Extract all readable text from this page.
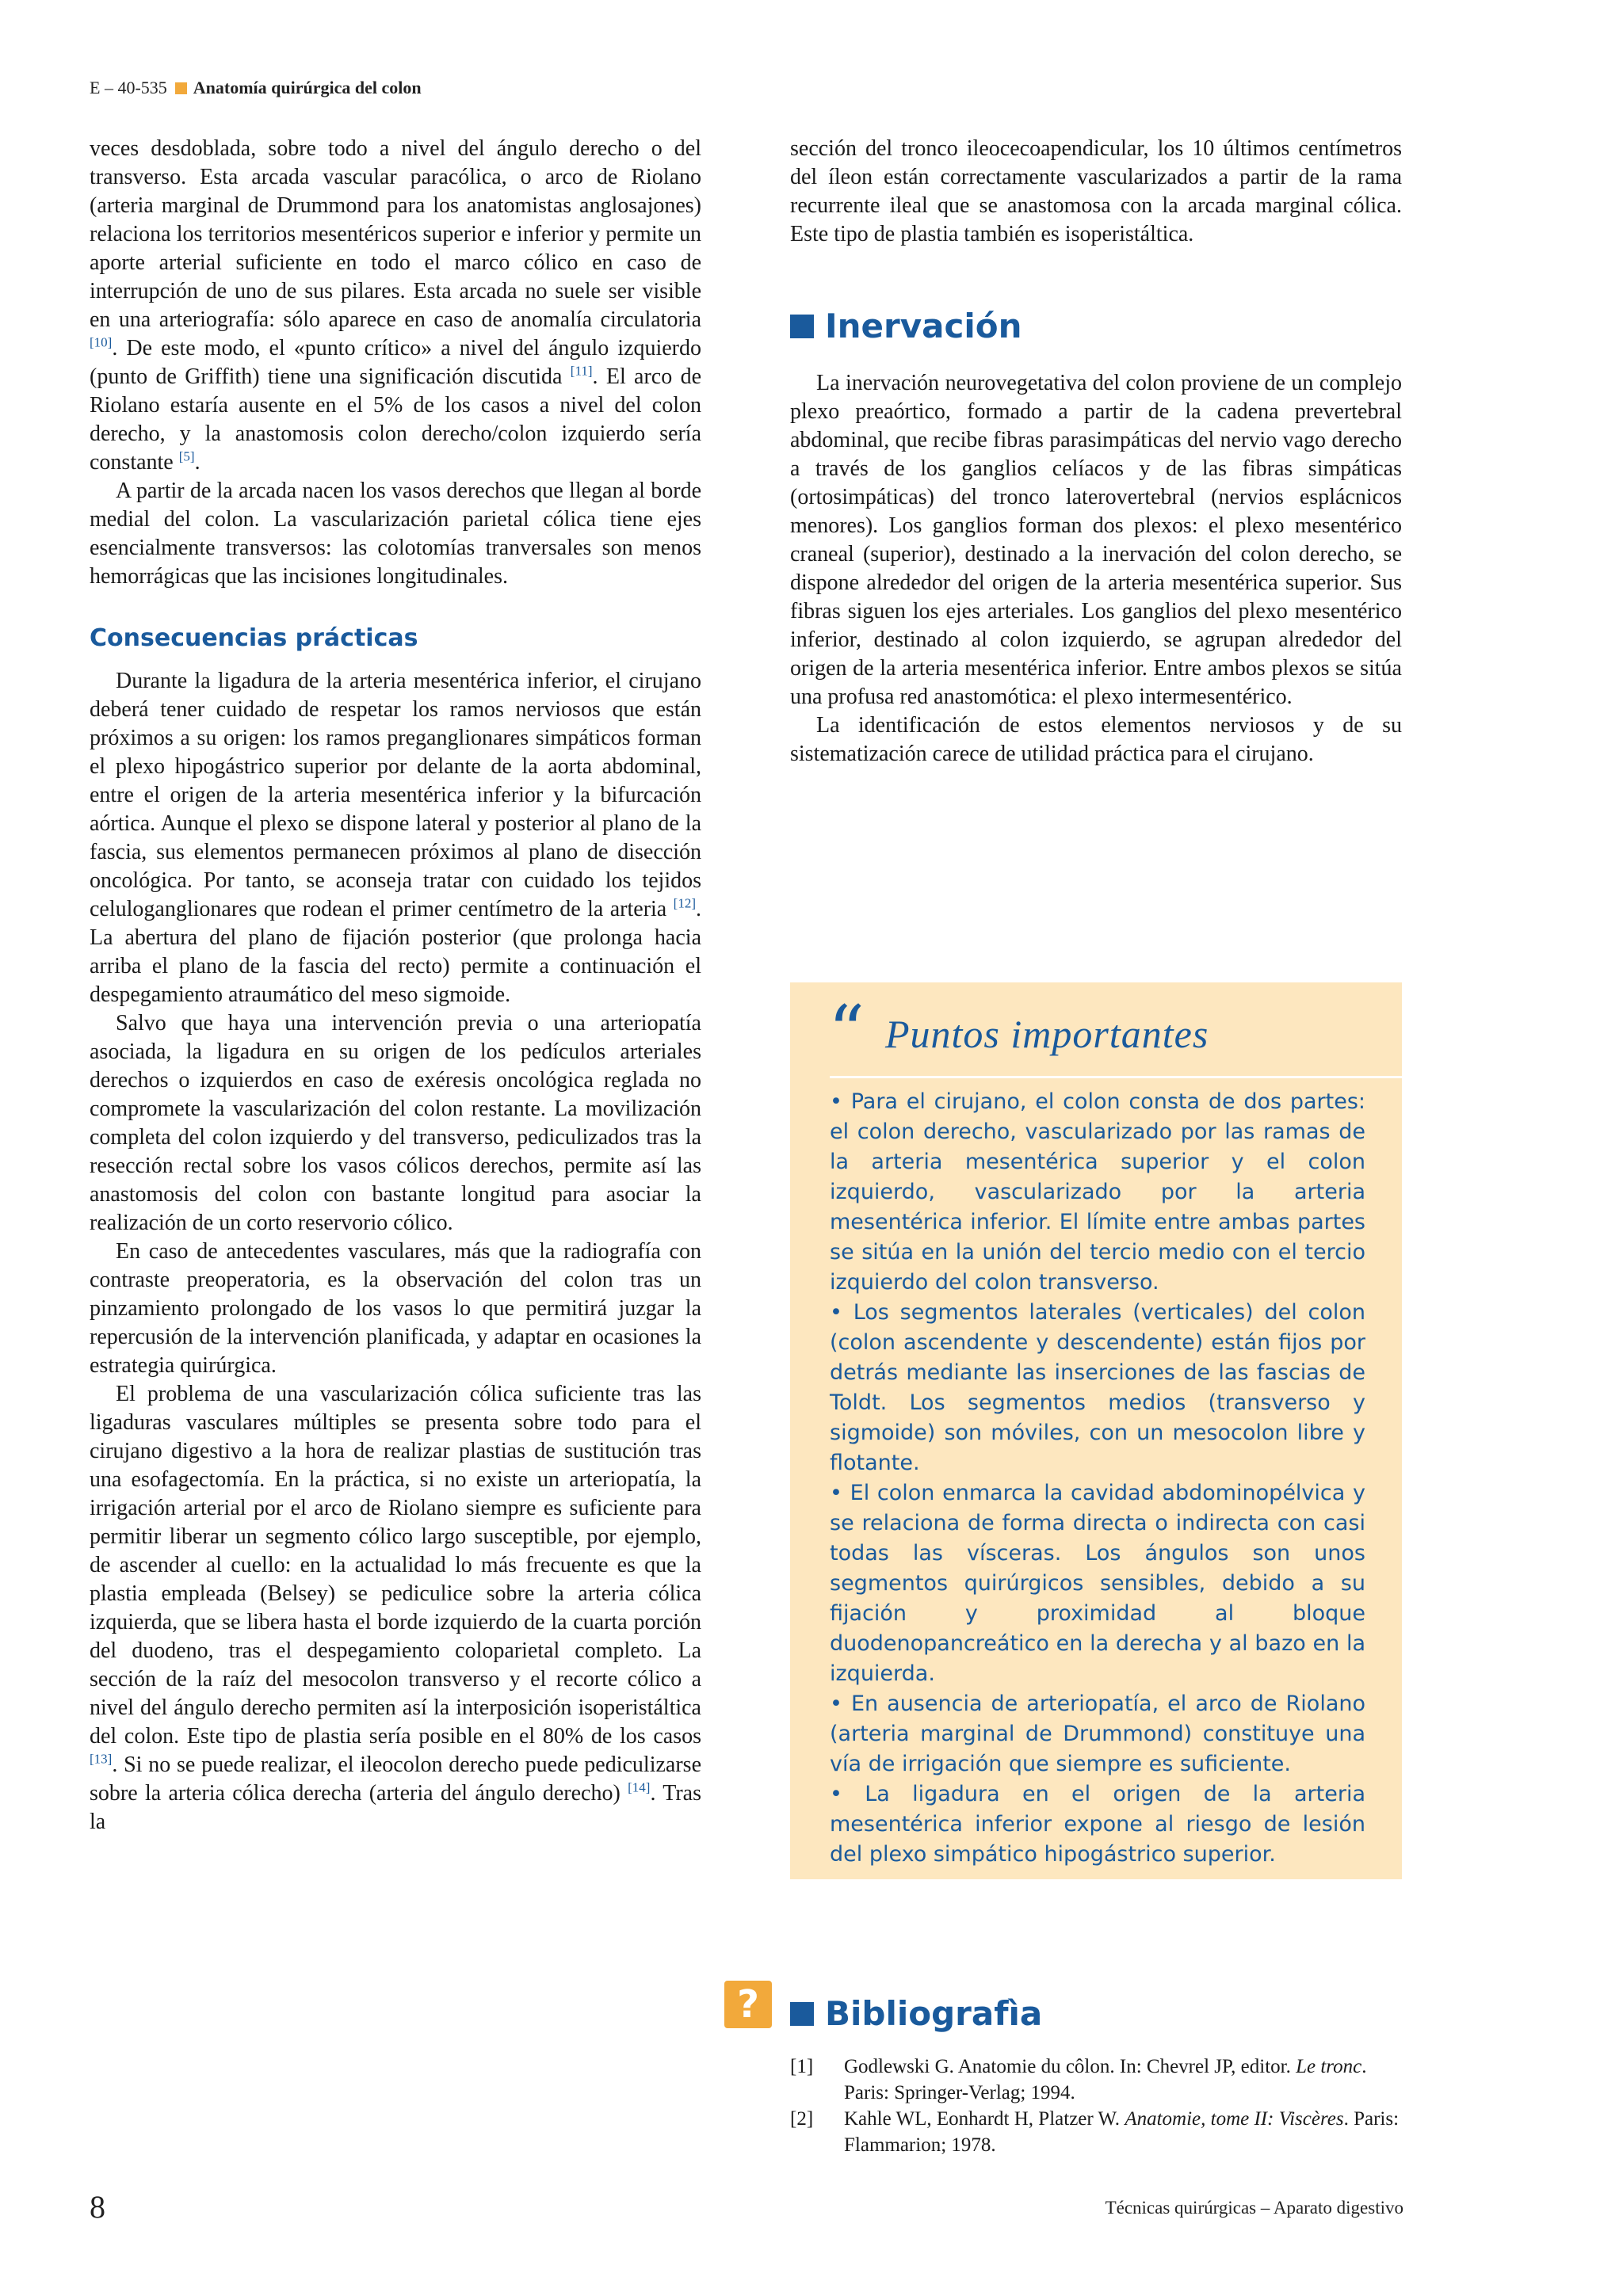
E – 40-535 Anatomía quirúrgica del colon

veces desdoblada, sobre todo a nivel del ángulo derecho o del transverso. Esta arcada vascular paracólica, o arco de Riolano (arteria marginal de Drummond para los anatomistas anglosajones) relaciona los territorios mesentéricos superior e inferior y permite un aporte arterial suficiente en todo el marco cólico en caso de interrupción de uno de sus pilares. Esta arcada no suele ser visible en una arteriografía: sólo aparece en caso de anomalía circulatoria [10]. De este modo, el «punto crítico» a nivel del ángulo izquierdo (punto de Griffith) tiene una significación discutida [11]. El arco de Riolano estaría ausente en el 5% de los casos a nivel del colon derecho, y la anastomosis colon derecho/colon izquierdo sería constante [5].

A partir de la arcada nacen los vasos derechos que llegan al borde medial del colon. La vascularización parietal cólica tiene ejes esencialmente transversos: las colotomías tranversales son menos hemorrágicas que las incisiones longitudinales.

Consecuencias prácticas

Durante la ligadura de la arteria mesentérica inferior, el cirujano deberá tener cuidado de respetar los ramos nerviosos que están próximos a su origen: los ramos preganglionares simpáticos forman el plexo hipogástrico superior por delante de la aorta abdominal, entre el origen de la arteria mesentérica inferior y la bifurcación aórtica. Aunque el plexo se dispone lateral y posterior al plano de la fascia, sus elementos permanecen próximos al plano de disección oncológica. Por tanto, se aconseja tratar con cuidado los tejidos celuloganglionares que rodean el primer centímetro de la arteria [12]. La abertura del plano de fijación posterior (que prolonga hacia arriba el plano de la fascia del recto) permite a continuación el despegamiento atraumático del meso sigmoide.

Salvo que haya una intervención previa o una arteriopatía asociada, la ligadura en su origen de los pedículos arteriales derechos o izquierdos en caso de exéresis oncológica reglada no compromete la vascularización del colon restante. La movilización completa del colon izquierdo y del transverso, pediculizados tras la resección rectal sobre los vasos cólicos derechos, permite así las anastomosis del colon con bastante longitud para asociar la realización de un corto reservorio cólico.

En caso de antecedentes vasculares, más que la radiografía con contraste preoperatoria, es la observación del colon tras un pinzamiento prolongado de los vasos lo que permitirá juzgar la repercusión de la intervención planificada, y adaptar en ocasiones la estrategia quirúrgica.

El problema de una vascularización cólica suficiente tras las ligaduras vasculares múltiples se presenta sobre todo para el cirujano digestivo a la hora de realizar plastias de sustitución tras una esofagectomía. En la práctica, si no existe un arteriopatía, la irrigación arterial por el arco de Riolano siempre es suficiente para permitir liberar un segmento cólico largo susceptible, por ejemplo, de ascender al cuello: en la actualidad lo más frecuente es que la plastia empleada (Belsey) se pediculice sobre la arteria cólica izquierda, que se libera hasta el borde izquierdo de la cuarta porción del duodeno, tras el despegamiento coloparietal completo. La sección de la raíz del mesocolon transverso y el recorte cólico a nivel del ángulo derecho permiten así la interposición isoperistáltica del colon. Este tipo de plastia sería posible en el 80% de los casos [13]. Si no se puede realizar, el ileocolon derecho puede pediculizarse sobre la arteria cólica derecha (arteria del ángulo derecho) [14]. Tras la

sección del tronco ileocecoapendicular, los 10 últimos centímetros del íleon están correctamente vascularizados a partir de la rama recurrente ileal que se anastomosa con la arcada marginal cólica. Este tipo de plastia también es isoperistáltica.

Inervación

La inervación neurovegetativa del colon proviene de un complejo plexo preaórtico, formado a partir de la cadena prevertebral abdominal, que recibe fibras parasimpáticas del nervio vago derecho a través de los ganglios celíacos y de las fibras simpáticas (ortosimpáticas) del tronco laterovertebral (nervios esplácnicos menores). Los ganglios forman dos plexos: el plexo mesentérico craneal (superior), destinado a la inervación del colon derecho, se dispone alrededor del origen de la arteria mesentérica superior. Sus fibras siguen los ejes arteriales. Los ganglios del plexo mesentérico inferior, destinado al colon izquierdo, se agrupan alrededor del origen de la arteria mesentérica inferior. Entre ambos plexos se sitúa una profusa red anastomótica: el plexo intermesentérico.

La identificación de estos elementos nerviosos y de su sistematización carece de utilidad práctica para el cirujano.

“ Puntos importantes

• Para el cirujano, el colon consta de dos partes: el colon derecho, vascularizado por las ramas de la arteria mesentérica superior y el colon izquierdo, vascularizado por la arteria mesentérica inferior. El límite entre ambas partes se sitúa en la unión del tercio medio con el tercio izquierdo del colon transverso.

• Los segmentos laterales (verticales) del colon (colon ascendente y descendente) están fijos por detrás mediante las inserciones de las fascias de Toldt. Los segmentos medios (transverso y sigmoide) son móviles, con un mesocolon libre y flotante.

• El colon enmarca la cavidad abdominopélvica y se relaciona de forma directa o indirecta con casi todas las vísceras. Los ángulos son unos segmentos quirúrgicos sensibles, debido a su fijación y proximidad al bloque duodenopancreático en la derecha y al bazo en la izquierda.

• En ausencia de arteriopatía, el arco de Riolano (arteria marginal de Drummond) constituye una vía de irrigación que siempre es suficiente.

• La ligadura en el origen de la arteria mesentérica inferior expone al riesgo de lesión del plexo simpático hipogástrico superior.

?	Bibliografìa
[1]	Godlewski G. Anatomie du côlon. In: Chevrel JP, editor. Le tronc. Paris: Springer-Verlag; 1994.
[2]	Kahle WL, Eonhardt H, Platzer W. Anatomie, tome II: Viscères. Paris: Flammarion; 1978.
8	Técnicas quirúrgicas – Aparato digestivo
